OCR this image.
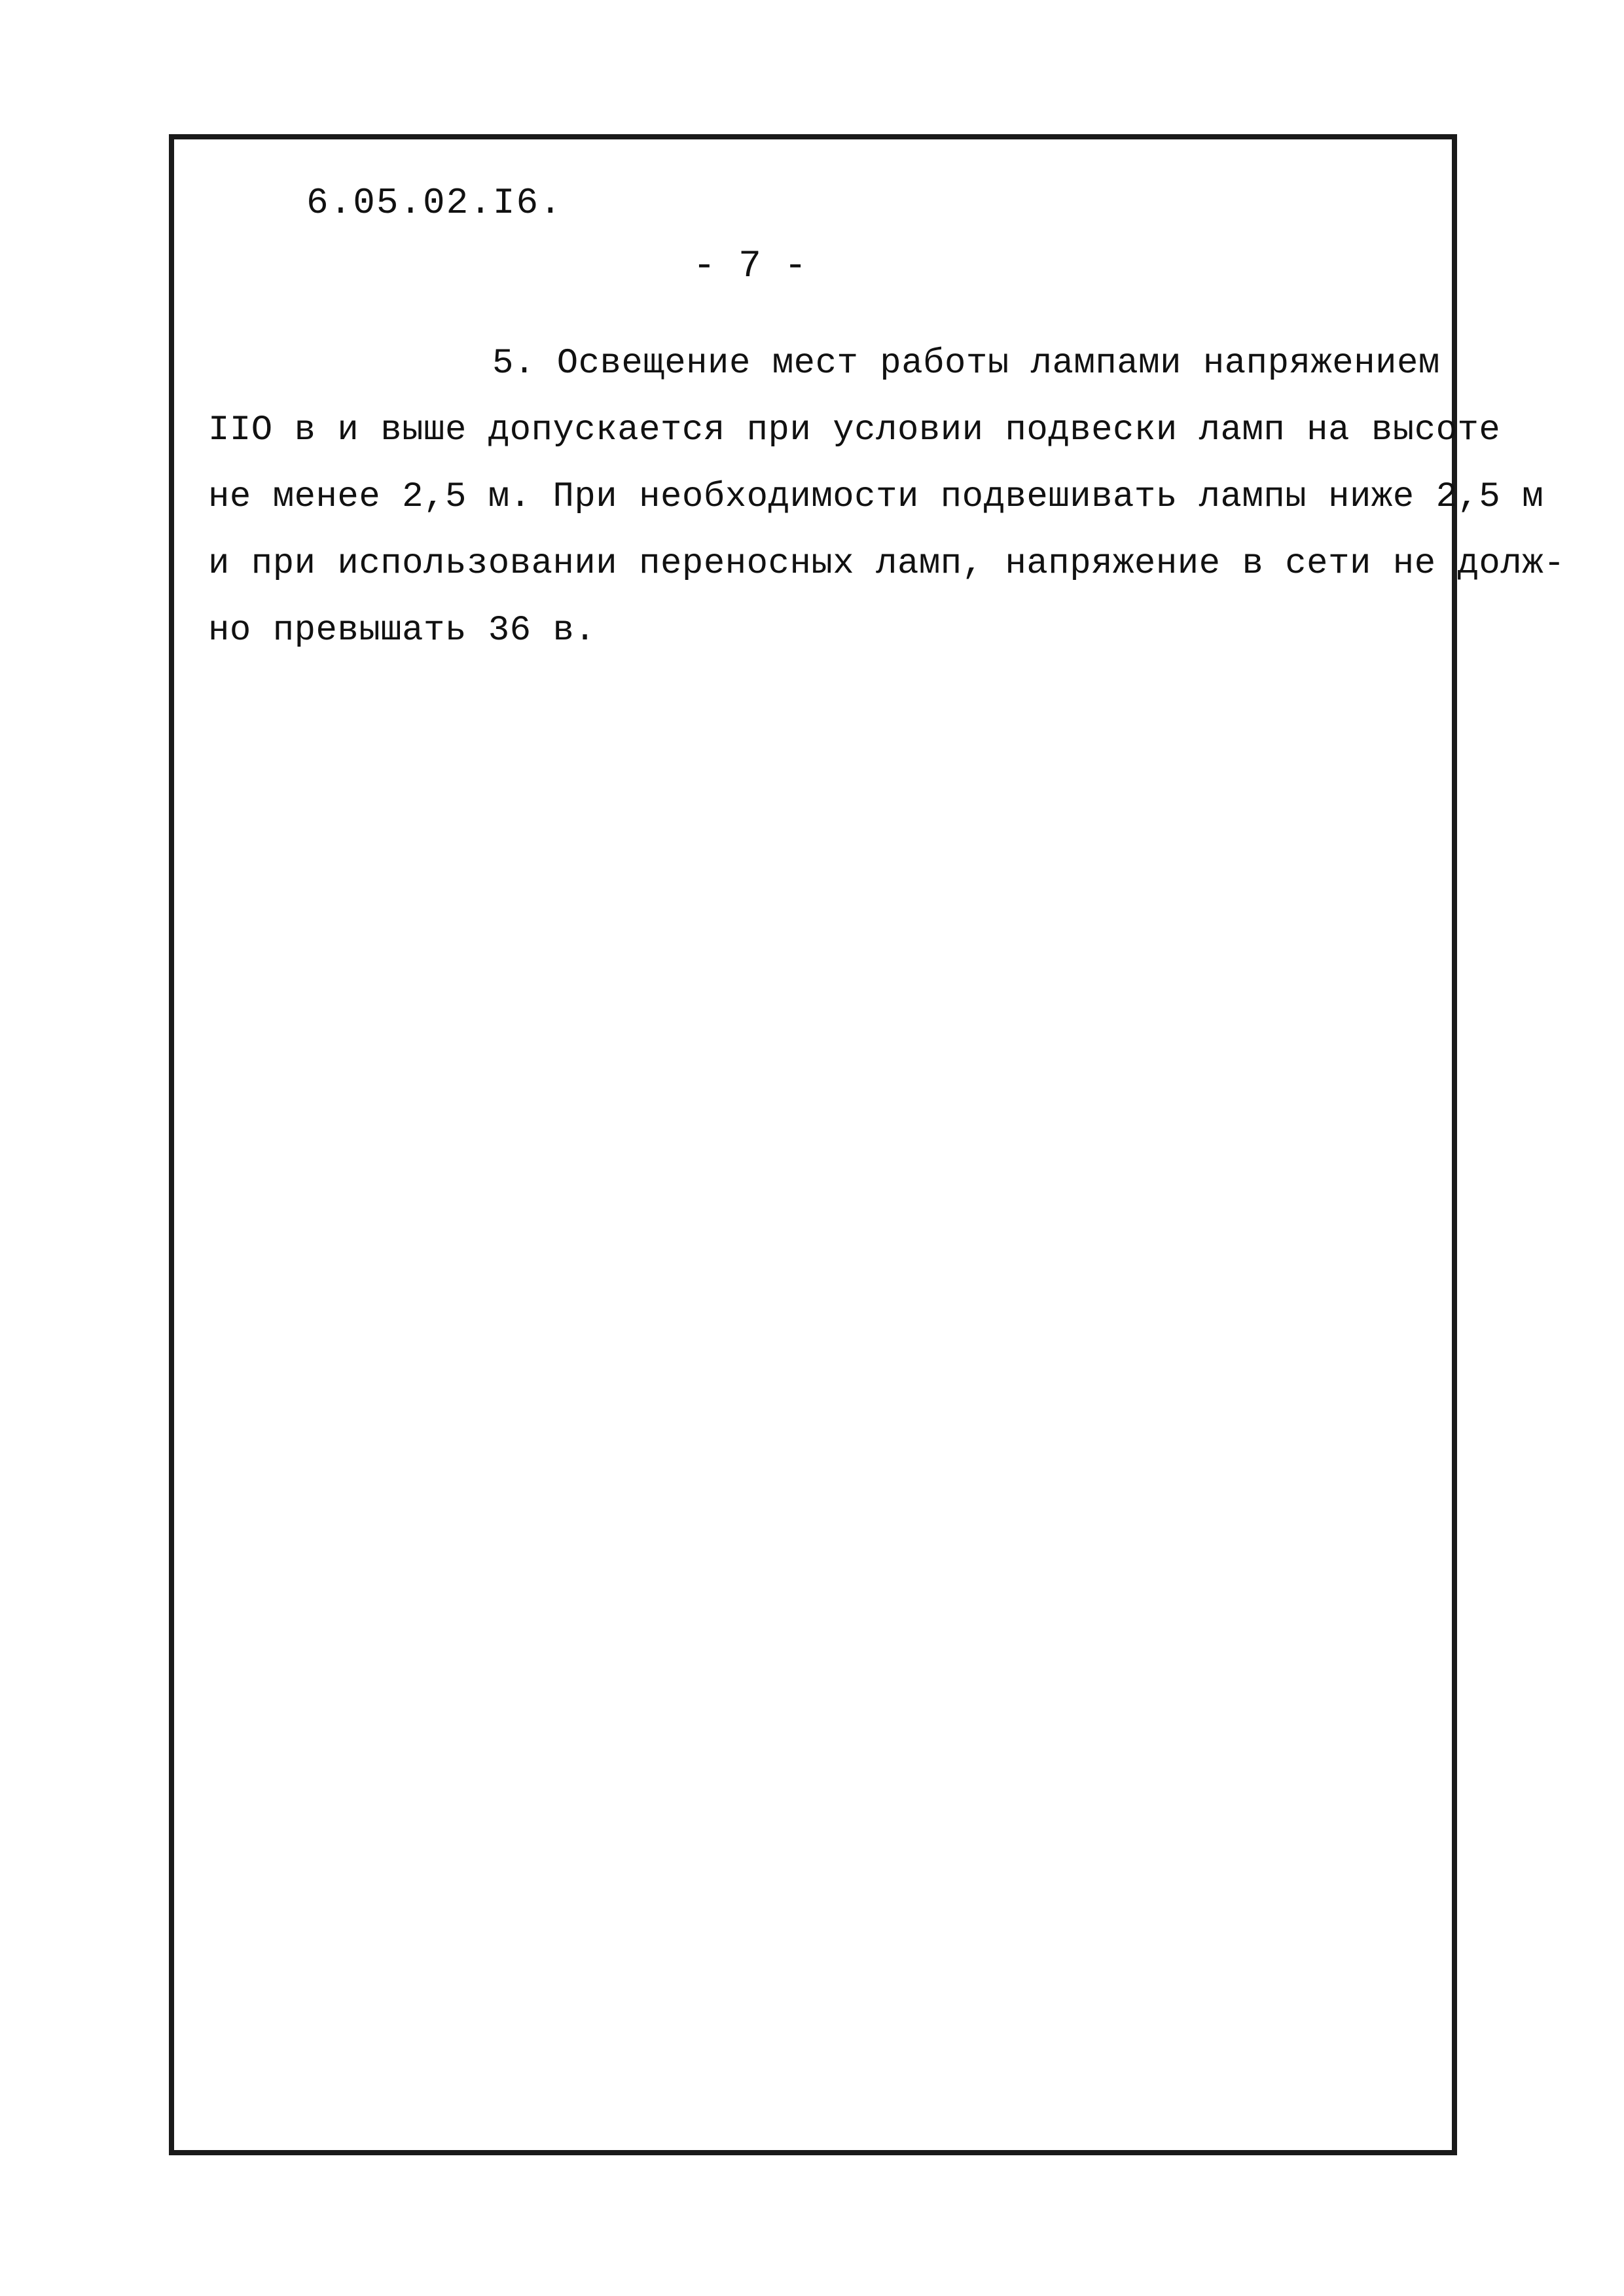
6.05.02.I6.
- 7 -
5. Освещение мест работы лампами напряжением
IIO в и выше допускается при условии подвески ламп на высоте
не менее 2,5 м. При необходимости подвешивать лампы ниже 2,5 м
и при использовании переносных ламп, напряжение в сети не долж-
но превышать 36 в.
